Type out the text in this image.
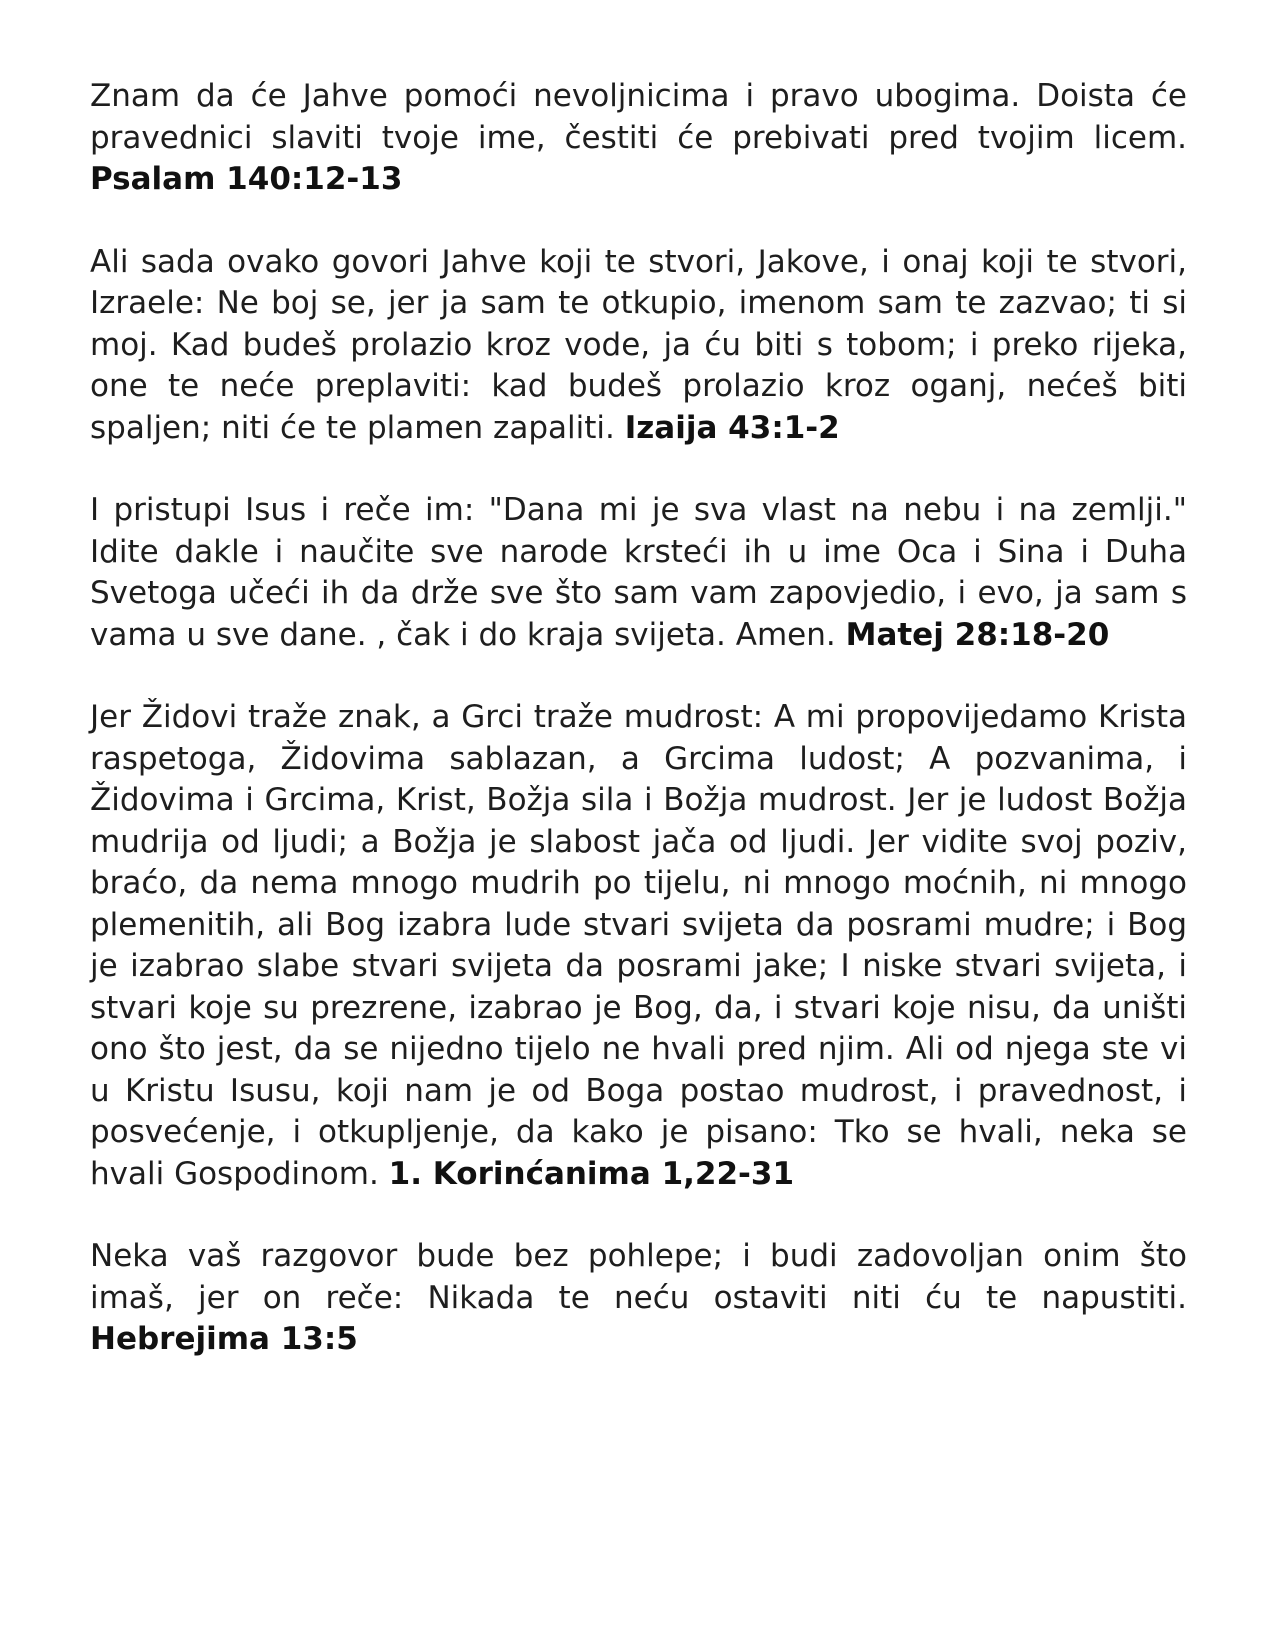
Znam da će Jahve pomoći nevoljnicima i pravo ubogima. Doista će pravednici slaviti tvoje ime, čestiti će prebivati pred tvojim licem. Psalam 140:12-13

Ali sada ovako govori Jahve koji te stvori, Jakove, i onaj koji te stvori, Izraele: Ne boj se, jer ja sam te otkupio, imenom sam te zazvao; ti si moj. Kad budeš prolazio kroz vode, ja ću biti s tobom; i preko rijeka, one te neće preplaviti: kad budeš prolazio kroz oganj, nećeš biti spaljen; niti će te plamen zapaliti. Izaija 43:1-2

I pristupi Isus i reče im: "Dana mi je sva vlast na nebu i na zemlji." Idite dakle i naučite sve narode krsteći ih u ime Oca i Sina i Duha Svetoga učeći ih da drže sve što sam vam zapovjedio, i evo, ja sam s vama u sve dane. , čak i do kraja svijeta. Amen. Matej 28:18-20

Jer Židovi traže znak, a Grci traže mudrost: A mi propovijedamo Krista raspetoga, Židovima sablazan, a Grcima ludost; A pozvanima, i Židovima i Grcima, Krist, Božja sila i Božja mudrost. Jer je ludost Božja mudrija od ljudi; a Božja je slabost jača od ljudi. Jer vidite svoj poziv, braćo, da nema mnogo mudrih po tijelu, ni mnogo moćnih, ni mnogo plemenitih, ali Bog izabra lude stvari svijeta da posrami mudre; i Bog je izabrao slabe stvari svijeta da posrami jake; I niske stvari svijeta, i stvari koje su prezrene, izabrao je Bog, da, i stvari koje nisu, da uništi ono što jest, da se nijedno tijelo ne hvali pred njim. Ali od njega ste vi u Kristu Isusu, koji nam je od Boga postao mudrost, i pravednost, i posvećenje, i otkupljenje, da kako je pisano: Tko se hvali, neka se hvali Gospodinom. 1. Korinćanima 1,22-31

Neka vaš razgovor bude bez pohlepe; i budi zadovoljan onim što imaš, jer on reče: Nikada te neću ostaviti niti ću te napustiti. Hebrejima 13:5
